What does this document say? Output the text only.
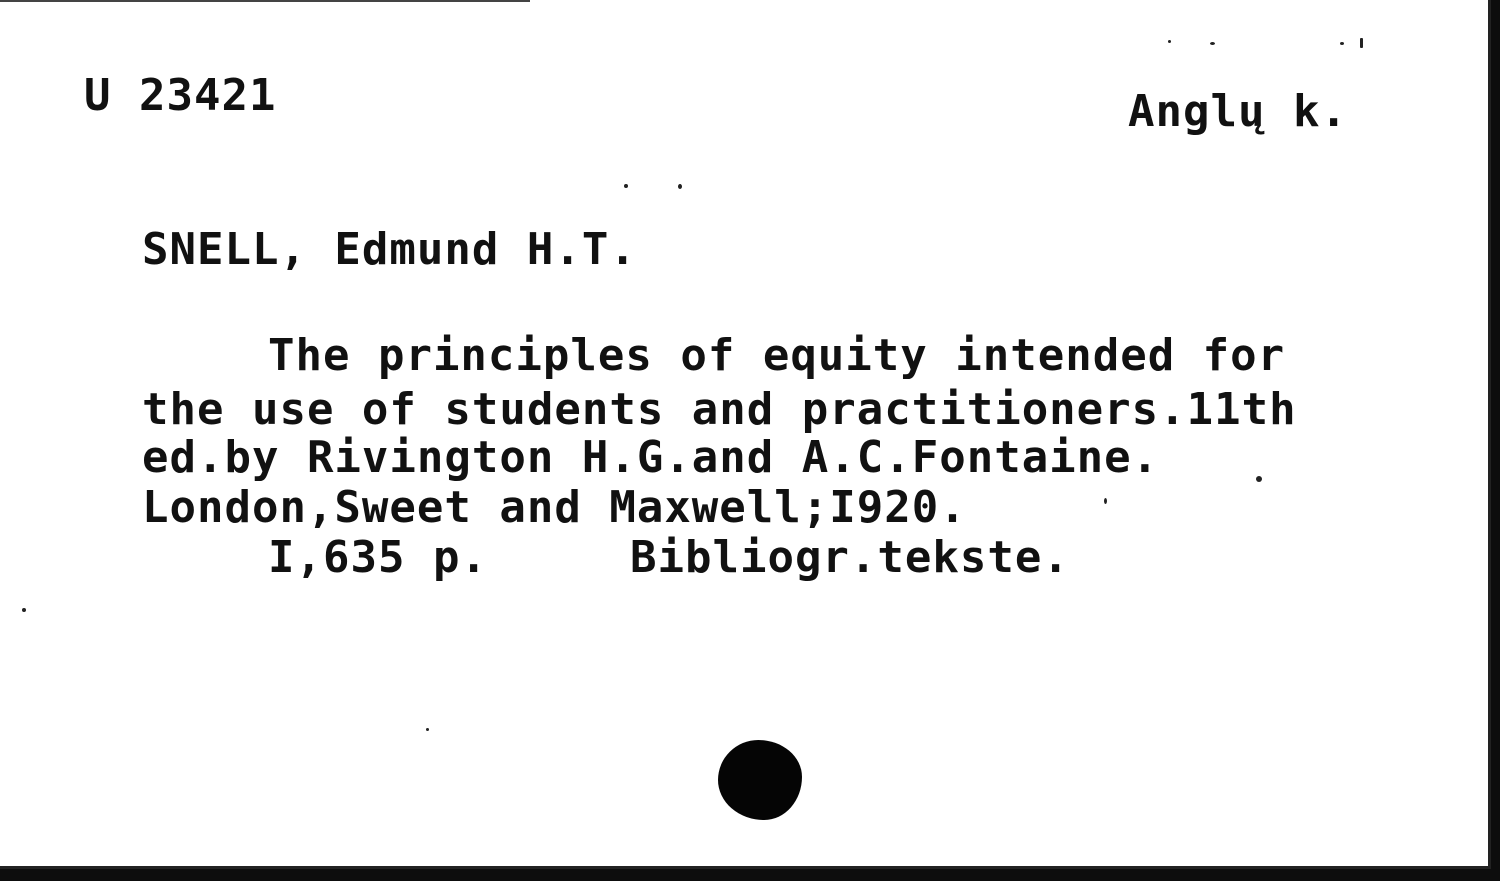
U 23421	Anglų k.
SNELL, Edmund H.T.
The principles of equity intended for
the use of students and practitioners.11th
ed.by Rivington H.G.and A.C.Fontaine.
London,Sweet and Maxwell;I920.
I,635 p.	Bibliogr.tekste.
